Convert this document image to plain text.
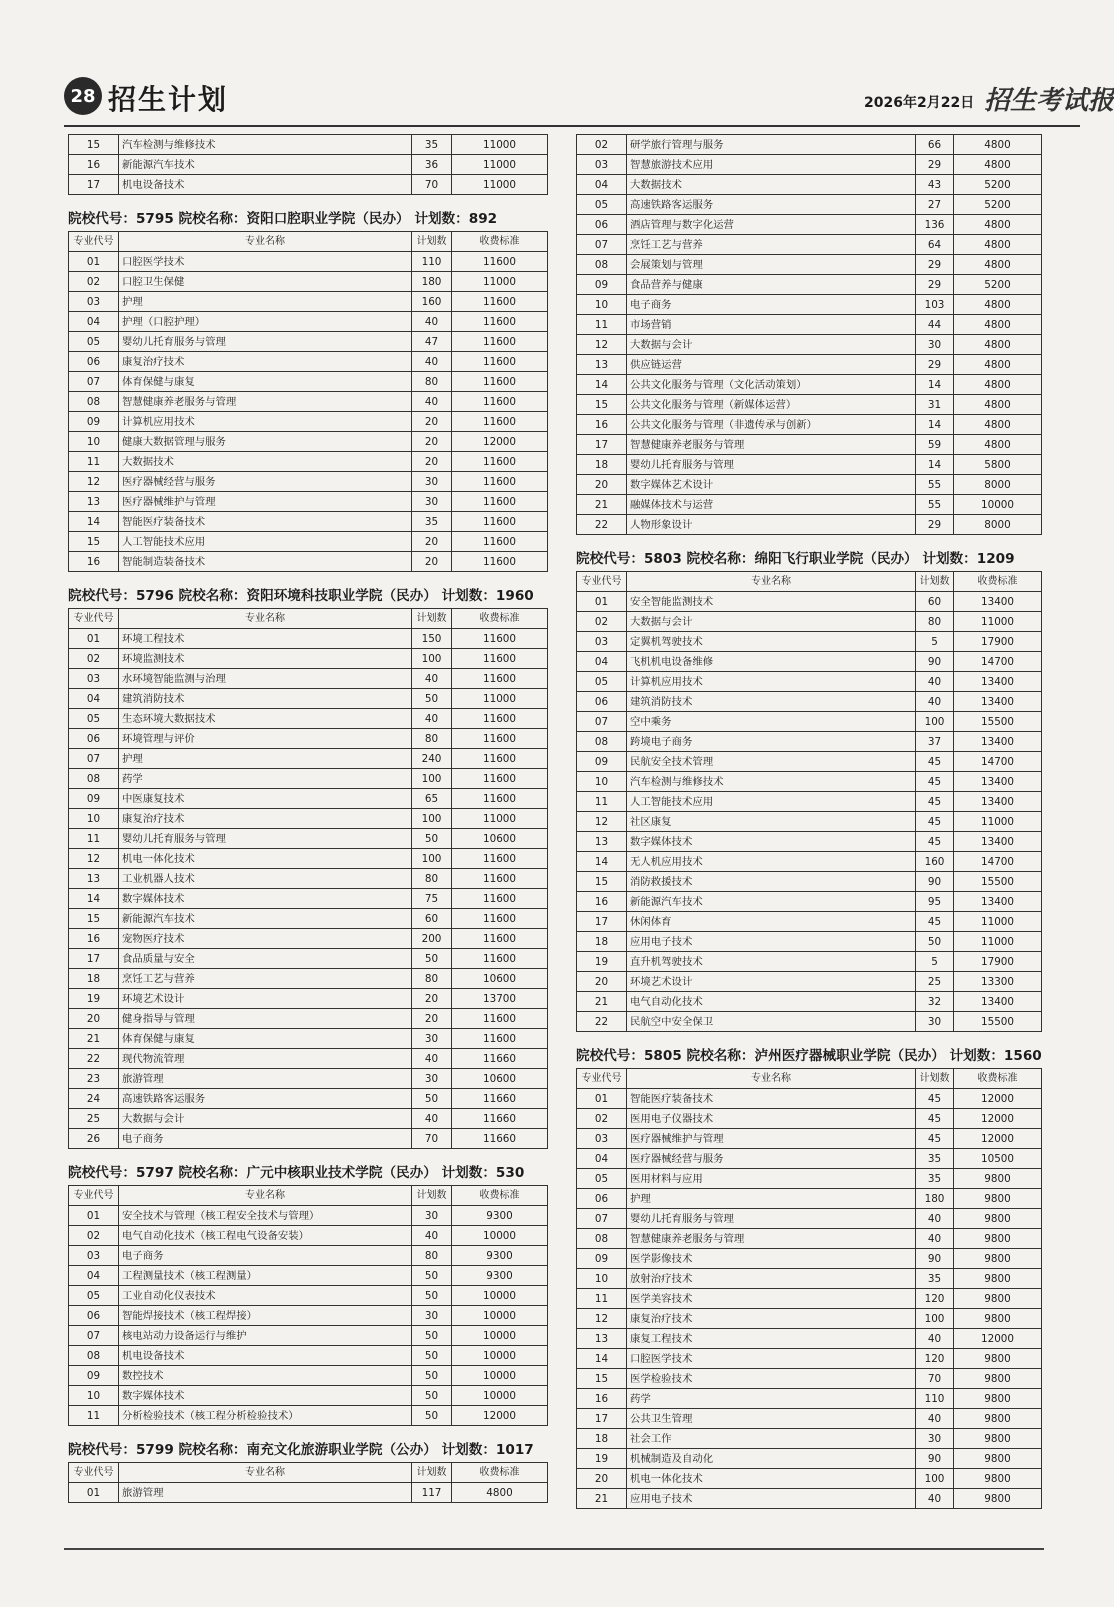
28 招生计划	2026年2月22日 招生考试报
15	汽车检测与维修技术	35	11000
16	新能源汽车技术	36	11000
17	机电设备技术	70	11000
院校代号：5795 院校名称：资阳口腔职业学院（民办） 计划数：892
专业代号	专业名称	计划数	收费标准
01	口腔医学技术	110	11600
02	口腔卫生保健	180	11000
03	护理	160	11600
04	护理（口腔护理）	40	11600
05	婴幼儿托育服务与管理	47	11600
06	康复治疗技术	40	11600
07	体育保健与康复	80	11600
08	智慧健康养老服务与管理	40	11600
09	计算机应用技术	20	11600
10	健康大数据管理与服务	20	12000
11	大数据技术	20	11600
12	医疗器械经营与服务	30	11600
13	医疗器械维护与管理	30	11600
14	智能医疗装备技术	35	11600
15	人工智能技术应用	20	11600
16	智能制造装备技术	20	11600
院校代号：5796 院校名称：资阳环境科技职业学院（民办） 计划数：1960
专业代号	专业名称	计划数	收费标准
01	环境工程技术	150	11600
02	环境监测技术	100	11600
03	水环境智能监测与治理	40	11600
04	建筑消防技术	50	11000
05	生态环境大数据技术	40	11600
06	环境管理与评价	80	11600
07	护理	240	11600
08	药学	100	11600
09	中医康复技术	65	11600
10	康复治疗技术	100	11000
11	婴幼儿托育服务与管理	50	10600
12	机电一体化技术	100	11600
13	工业机器人技术	80	11600
14	数字媒体技术	75	11600
15	新能源汽车技术	60	11600
16	宠物医疗技术	200	11600
17	食品质量与安全	50	11600
18	烹饪工艺与营养	80	10600
19	环境艺术设计	20	13700
20	健身指导与管理	20	11600
21	体育保健与康复	30	11600
22	现代物流管理	40	11660
23	旅游管理	30	10600
24	高速铁路客运服务	50	11660
25	大数据与会计	40	11660
26	电子商务	70	11660
院校代号：5797 院校名称：广元中核职业技术学院（民办） 计划数：530
专业代号	专业名称	计划数	收费标准
01	安全技术与管理（核工程安全技术与管理）	30	9300
02	电气自动化技术（核工程电气设备安装）	40	10000
03	电子商务	80	9300
04	工程测量技术（核工程测量）	50	9300
05	工业自动化仪表技术	50	10000
06	智能焊接技术（核工程焊接）	30	10000
07	核电站动力设备运行与维护	50	10000
08	机电设备技术	50	10000
09	数控技术	50	10000
10	数字媒体技术	50	10000
11	分析检验技术（核工程分析检验技术）	50	12000
院校代号：5799 院校名称：南充文化旅游职业学院（公办） 计划数：1017
专业代号	专业名称	计划数	收费标准
01	旅游管理	117	4800
02	研学旅行管理与服务	66	4800
03	智慧旅游技术应用	29	4800
04	大数据技术	43	5200
05	高速铁路客运服务	27	5200
06	酒店管理与数字化运营	136	4800
07	烹饪工艺与营养	64	4800
08	会展策划与管理	29	4800
09	食品营养与健康	29	5200
10	电子商务	103	4800
11	市场营销	44	4800
12	大数据与会计	30	4800
13	供应链运营	29	4800
14	公共文化服务与管理（文化活动策划）	14	4800
15	公共文化服务与管理（新媒体运营）	31	4800
16	公共文化服务与管理（非遗传承与创新）	14	4800
17	智慧健康养老服务与管理	59	4800
18	婴幼儿托育服务与管理	14	5800
20	数字媒体艺术设计	55	8000
21	融媒体技术与运营	55	10000
22	人物形象设计	29	8000
院校代号：5803 院校名称：绵阳飞行职业学院（民办） 计划数：1209
专业代号	专业名称	计划数	收费标准
01	安全智能监测技术	60	13400
02	大数据与会计	80	11000
03	定翼机驾驶技术	5	17900
04	飞机机电设备维修	90	14700
05	计算机应用技术	40	13400
06	建筑消防技术	40	13400
07	空中乘务	100	15500
08	跨境电子商务	37	13400
09	民航安全技术管理	45	14700
10	汽车检测与维修技术	45	13400
11	人工智能技术应用	45	13400
12	社区康复	45	11000
13	数字媒体技术	45	13400
14	无人机应用技术	160	14700
15	消防救援技术	90	15500
16	新能源汽车技术	95	13400
17	休闲体育	45	11000
18	应用电子技术	50	11000
19	直升机驾驶技术	5	17900
20	环境艺术设计	25	13300
21	电气自动化技术	32	13400
22	民航空中安全保卫	30	15500
院校代号：5805 院校名称：泸州医疗器械职业学院（民办） 计划数：1560
专业代号	专业名称	计划数	收费标准
01	智能医疗装备技术	45	12000
02	医用电子仪器技术	45	12000
03	医疗器械维护与管理	45	12000
04	医疗器械经营与服务	35	10500
05	医用材料与应用	35	9800
06	护理	180	9800
07	婴幼儿托育服务与管理	40	9800
08	智慧健康养老服务与管理	40	9800
09	医学影像技术	90	9800
10	放射治疗技术	35	9800
11	医学美容技术	120	9800
12	康复治疗技术	100	9800
13	康复工程技术	40	12000
14	口腔医学技术	120	9800
15	医学检验技术	70	9800
16	药学	110	9800
17	公共卫生管理	40	9800
18	社会工作	30	9800
19	机械制造及自动化	90	9800
20	机电一体化技术	100	9800
21	应用电子技术	40	9800
